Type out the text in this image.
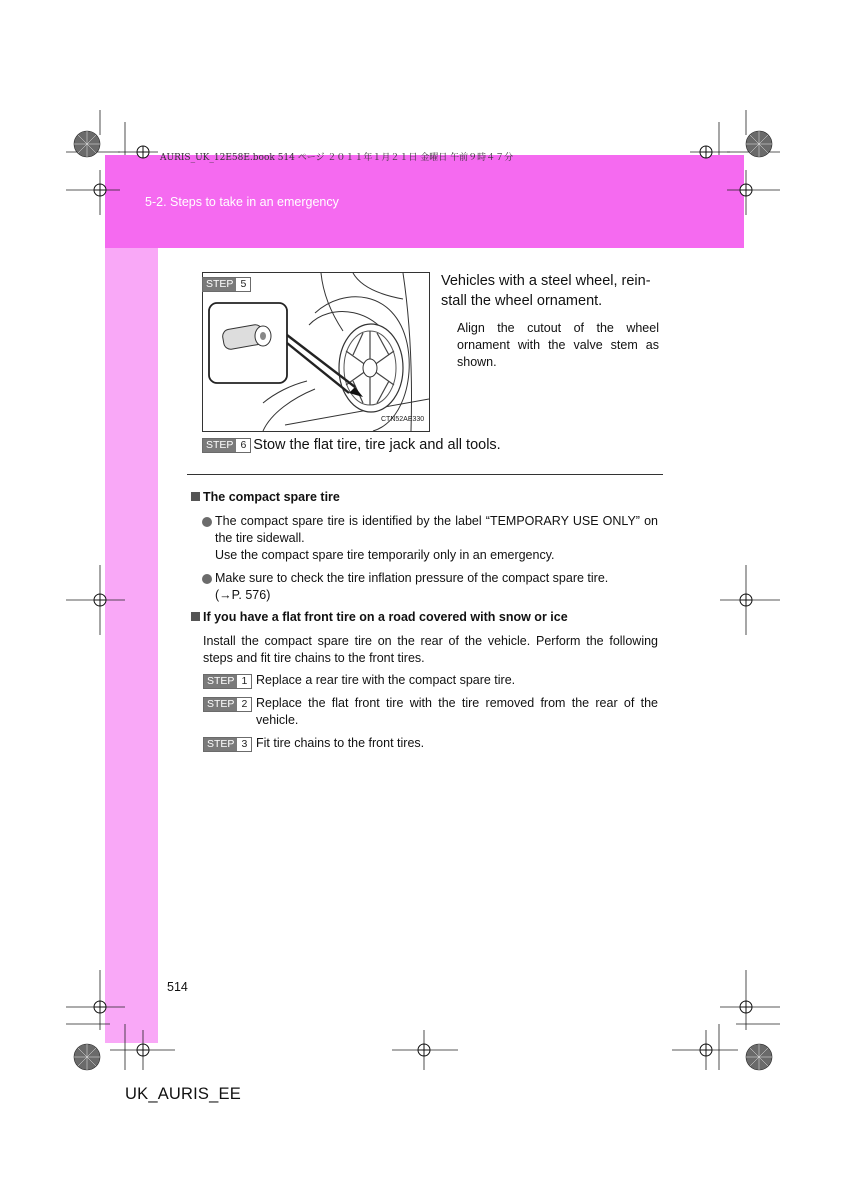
AURIS_UK_12E58E.book 514 ページ ２０１１年１月２１日 金曜日 午前９時４７分
5-2. Steps to take in an emergency
CTN52AE330
STEP 5	Vehicles with a steel wheel, rein-stall the wheel ornament.
Align the cutout of the wheel ornament with the valve stem as shown.
STEP 6 Stow the flat tire, tire jack and all tools.
The compact spare tire
The compact spare tire is identified by the label “TEMPORARY USE ONLY” on the tire sidewall.
Use the compact spare tire temporarily only in an emergency.
Make sure to check the tire inflation pressure of the compact spare tire.
(→P. 576)
If you have a flat front tire on a road covered with snow or ice
Install the compact spare tire on the rear of the vehicle. Perform the following steps and fit tire chains to the front tires.
STEP 1 Replace a rear tire with the compact spare tire.
STEP 2 Replace the flat front tire with the tire removed from the rear of the vehicle.
STEP 3 Fit tire chains to the front tires.
514
UK_AURIS_EE
